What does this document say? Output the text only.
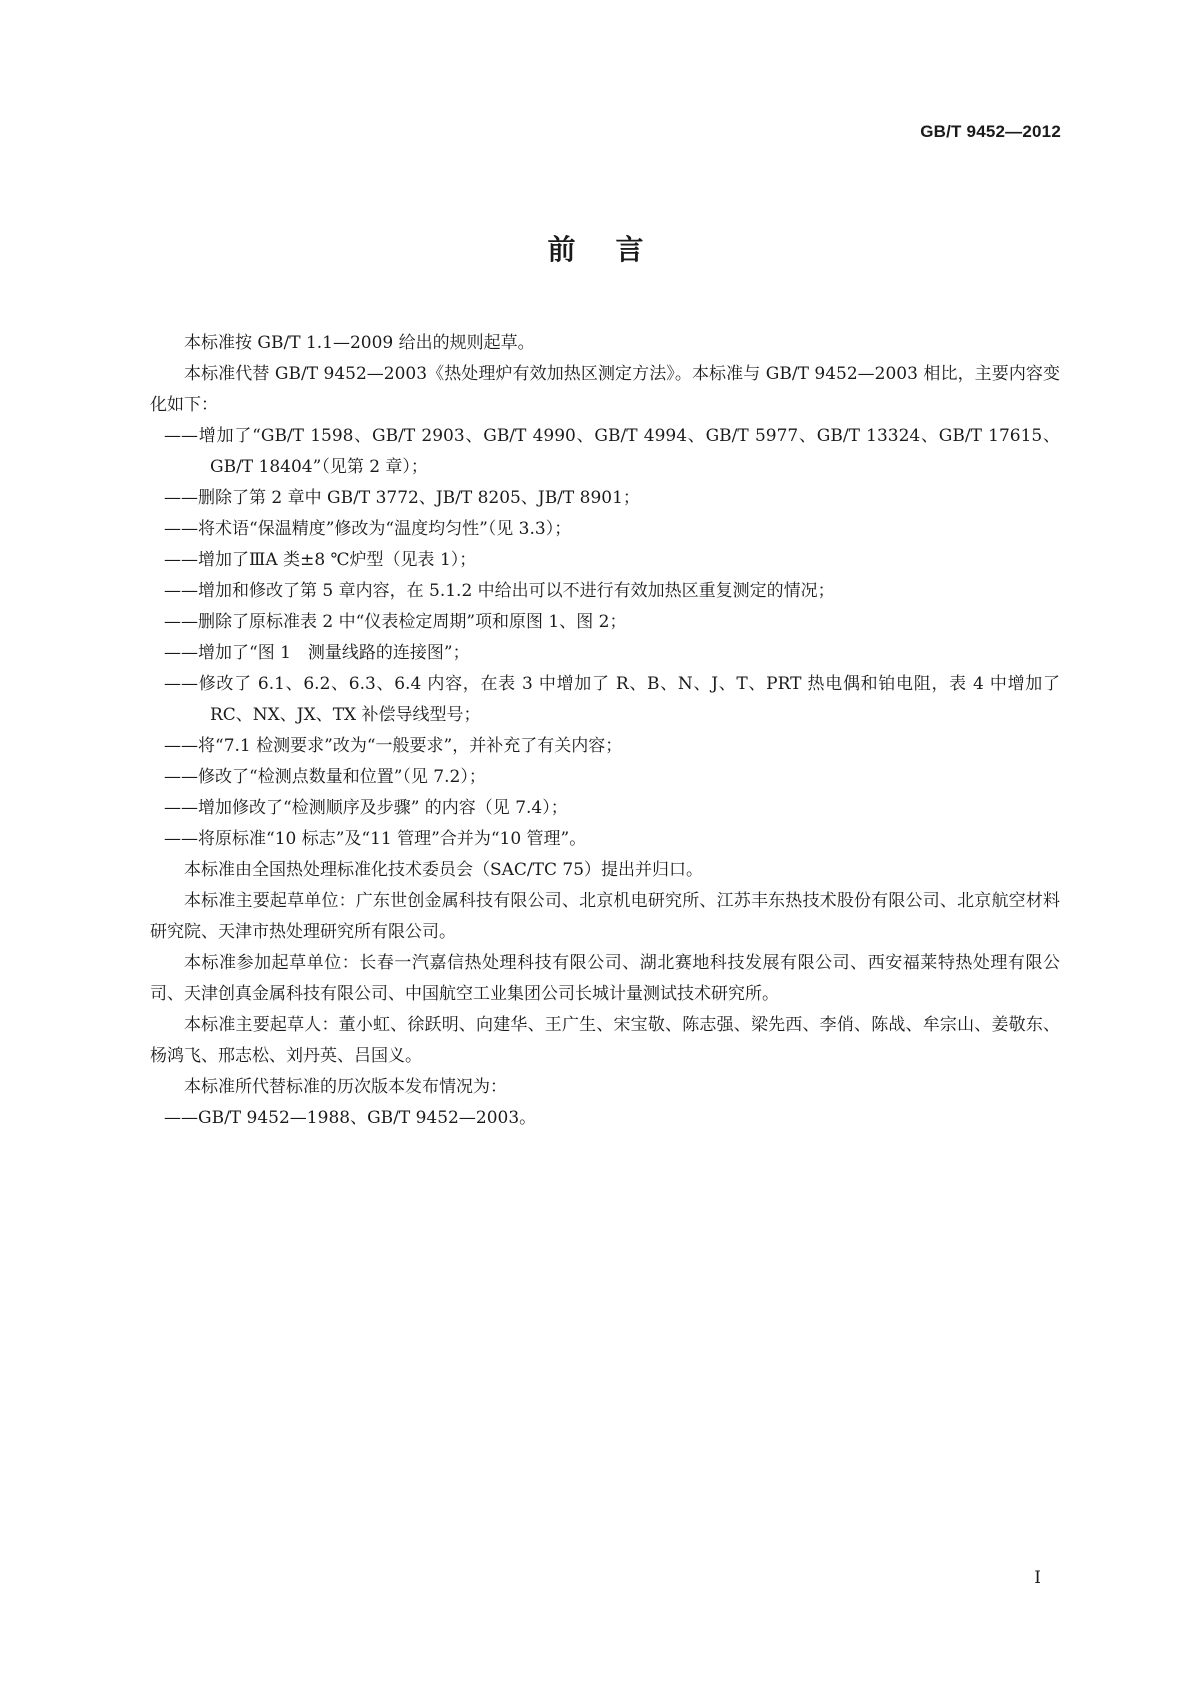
GB/T 9452—2012
前言

本标准按 GB/T 1.1—2009 给出的规则起草。

本标准代替 GB/T 9452—2003《热处理炉有效加热区测定方法》。本标准与 GB/T 9452—2003 相比，主要内容变化如下：

——增加了“GB/T 1598、GB/T 2903、GB/T 4990、GB/T 4994、GB/T 5977、GB/T 13324、GB/T 17615、GB/T 18404”（见第 2 章）；

——删除了第 2 章中 GB/T 3772、JB/T 8205、JB/T 8901；

——将术语“保温精度”修改为“温度均匀性”（见 3.3）；

——增加了ⅢA 类±8 ℃炉型（见表 1）；

——增加和修改了第 5 章内容，在 5.1.2 中给出可以不进行有效加热区重复测定的情况；

——删除了原标准表 2 中“仪表检定周期”项和原图 1、图 2；

——增加了“图 1　测量线路的连接图”；

——修改了 6.1、6.2、6.3、6.4 内容，在表 3 中增加了 R、B、N、J、T、PRT 热电偶和铂电阻，表 4 中增加了 RC、NX、JX、TX 补偿导线型号；

——将“7.1 检测要求”改为“一般要求”，并补充了有关内容；

——修改了“检测点数量和位置”（见 7.2）；

——增加修改了“检测顺序及步骤” 的内容（见 7.4）；

——将原标准“10 标志”及“11 管理”合并为“10 管理”。

本标准由全国热处理标准化技术委员会（SAC/TC 75）提出并归口。

本标准主要起草单位：广东世创金属科技有限公司、北京机电研究所、江苏丰东热技术股份有限公司、北京航空材料研究院、天津市热处理研究所有限公司。

本标准参加起草单位：长春一汽嘉信热处理科技有限公司、湖北赛地科技发展有限公司、西安福莱特热处理有限公司、天津创真金属科技有限公司、中国航空工业集团公司长城计量测试技术研究所。

本标准主要起草人：董小虹、徐跃明、向建华、王广生、宋宝敬、陈志强、梁先西、李俏、陈战、牟宗山、姜敬东、杨鸿飞、邢志松、刘丹英、吕国义。

本标准所代替标准的历次版本发布情况为：

——GB/T 9452—1988、GB/T 9452—2003。

I
